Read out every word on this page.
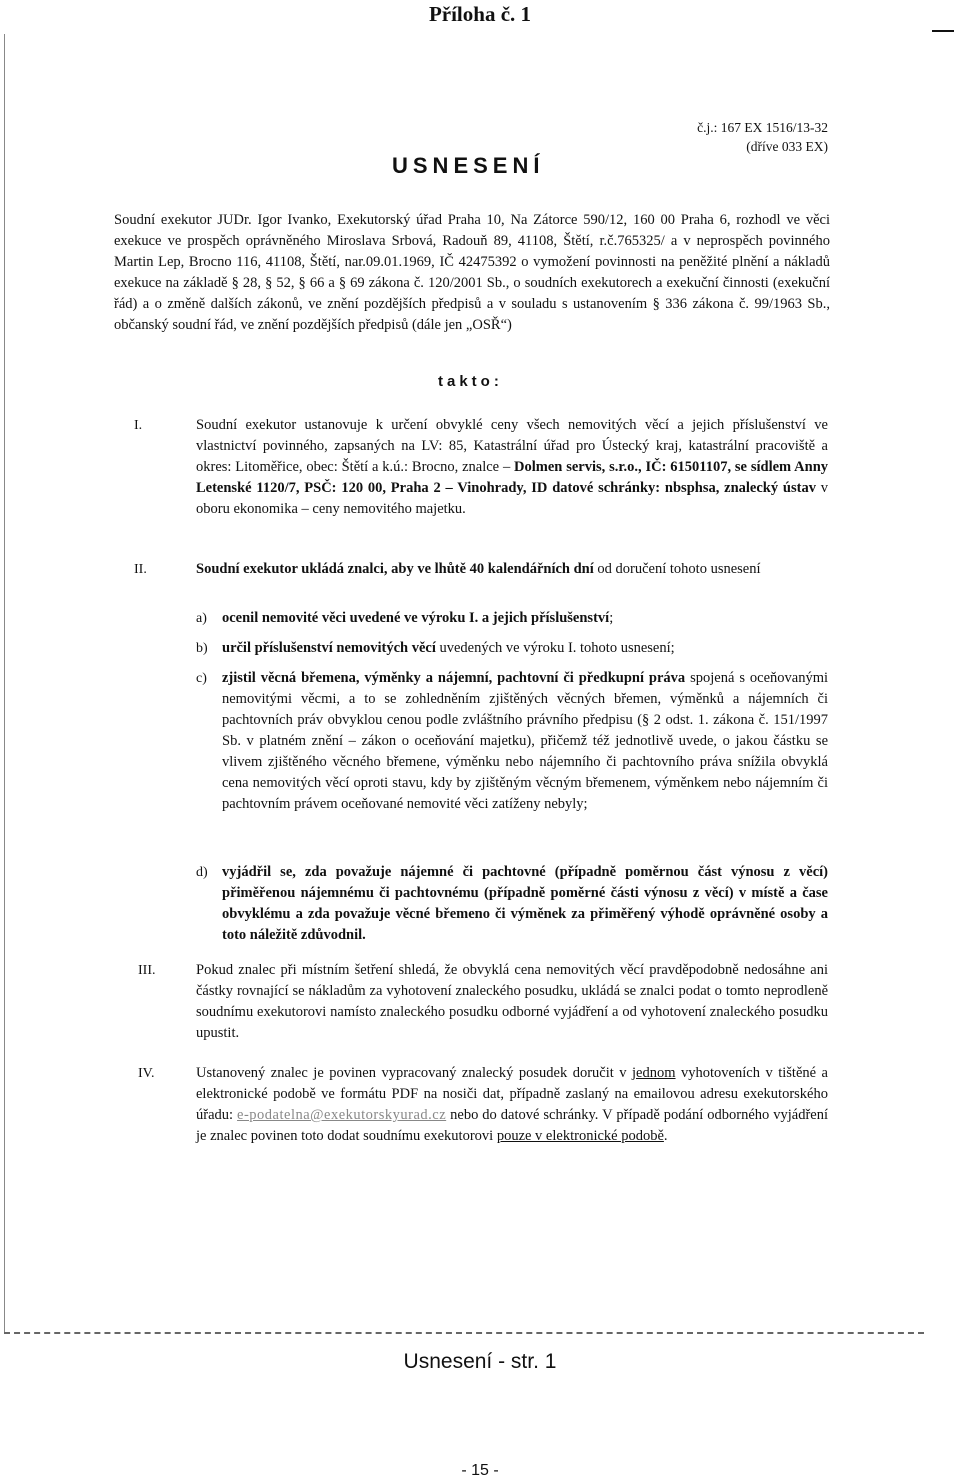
Příloha č. 1
č.j.: 167 EX 1516/13-32
(dříve 033 EX)
USNESENÍ
Soudní exekutor JUDr. Igor Ivanko, Exekutorský úřad Praha 10, Na Zátorce 590/12, 160 00 Praha 6, rozhodl ve věci exekuce ve prospěch oprávněného Miroslava Srbová, Radouň 89, 41108, Štětí, r.č.765325/ a v neprospěch povinného Martin Lep, Brocno 116, 41108, Štětí, nar.09.01.1969, IČ 42475392 o vymožení povinnosti na peněžité plnění a nákladů exekuce na základě § 28, § 52, § 66 a § 69 zákona č. 120/2001 Sb., o soudních exekutorech a exekuční činnosti (exekuční řád) a o změně dalších zákonů, ve znění pozdějších předpisů a v souladu s ustanovením § 336 zákona č. 99/1963 Sb., občanský soudní řád, ve znění pozdějších předpisů (dále jen „OSŘ“)
takto:
I.	Soudní exekutor ustanovuje k určení obvyklé ceny všech nemovitých věcí a jejich příslušenství ve vlastnictví povinného, zapsaných na LV: 85, Katastrální úřad pro Ústecký kraj, katastrální pracoviště a okres: Litoměřice, obec: Štětí a k.ú.: Brocno, znalce – Dolmen servis, s.r.o., IČ: 61501107, se sídlem Anny Letenské 1120/7, PSČ: 120 00, Praha 2 – Vinohrady, ID datové schránky: nbsphsa, znalecký ústav v oboru ekonomika – ceny nemovitého majetku.
II.	Soudní exekutor ukládá znalci, aby ve lhůtě 40 kalendářních dní od doručení tohoto usnesení
a) ocenil nemovité věci uvedené ve výroku I. a jejich příslušenství;
b) určil příslušenství nemovitých věcí uvedených ve výroku I. tohoto usnesení;
c) zjistil věcná břemena, výměnky a nájemní, pachtovní či předkupní práva spojená s oceňovanými nemovitými věcmi, a to se zohledněním zjištěných věcných břemen, výměnků a nájemních či pachtovních práv obvyklou cenou podle zvláštního právního předpisu (§ 2 odst. 1. zákona č. 151/1997 Sb. v platném znění – zákon o oceňování majetku), přičemž též jednotlivě uvede, o jakou částku se vlivem zjištěného věcného břemene, výměnku nebo nájemního či pachtovního práva snížila obvyklá cena nemovitých věcí oproti stavu, kdy by zjištěným věcným břemenem, výměnkem nebo nájemním či pachtovním právem oceňované nemovité věci zatíženy nebyly;
d) vyjádřil se, zda považuje nájemné či pachtovné (případně poměrnou část výnosu z věcí) přiměřenou nájemnému či pachtovnému (případně poměrné části výnosu z věcí) v místě a čase obvyklému a zda považuje věcné břemeno či výměnek za přiměřený výhodě oprávněné osoby a toto náležitě zdůvodnil.
III.	Pokud znalec při místním šetření shledá, že obvyklá cena nemovitých věcí pravděpodobně nedosáhne ani částky rovnající se nákladům za vyhotovení znaleckého posudku, ukládá se znalci podat o tomto neprodleně soudnímu exekutorovi namísto znaleckého posudku odborné vyjádření a od vyhotovení znaleckého posudku upustit.
IV.	Ustanovený znalec je povinen vypracovaný znalecký posudek doručit v jednom vyhotoveních v tištěné a elektronické podobě ve formátu PDF na nosiči dat, případně zaslaný na emailovou adresu exekutorského úřadu: e-podatelna@exekutorskyurad.cz nebo do datové schránky. V případě podání odborného vyjádření je znalec povinen toto dodat soudnímu exekutorovi pouze v elektronické podobě.
Usnesení - str. 1
- 15 -
